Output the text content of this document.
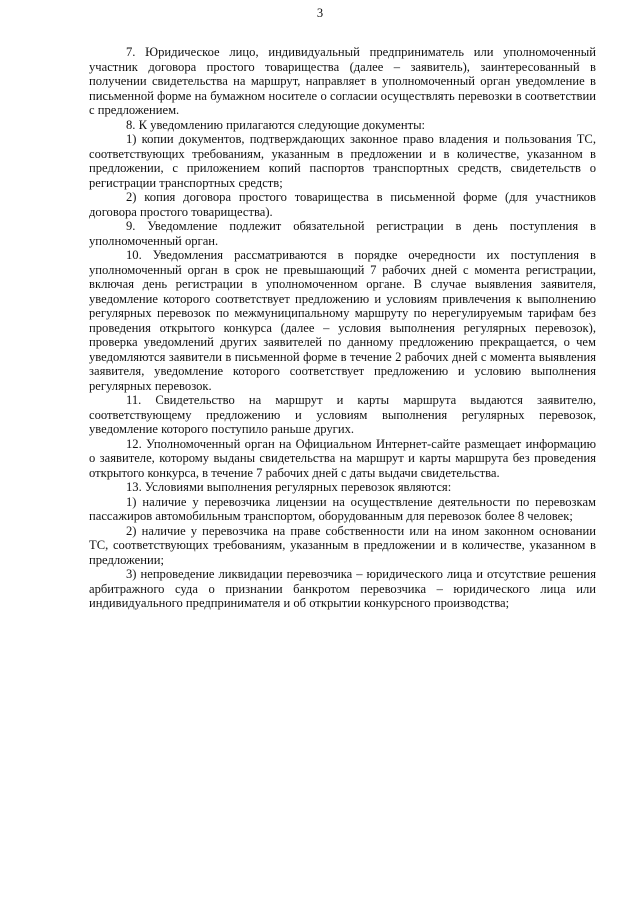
3

7. Юридическое лицо, индивидуальный предприниматель или уполномоченный участник договора простого товарищества (далее – заявитель), заинтересованный в получении свидетельства на маршрут, направляет в уполномоченный орган уведомление в письменной форме на бумажном носителе о согласии осуществлять перевозки в соответствии с предложением.

8. К уведомлению прилагаются следующие документы:

1) копии документов, подтверждающих законное право владения и пользования ТС, соответствующих требованиям, указанным в предложении и в количестве, указанном в предложении, с приложением копий паспортов транспортных средств, свидетельств о регистрации транспортных средств;

2) копия договора простого товарищества в письменной форме (для участников договора простого товарищества).

9. Уведомление подлежит обязательной регистрации в день поступления в уполномоченный орган.

10. Уведомления рассматриваются в порядке очередности их поступления в уполномоченный орган в срок не превышающий 7 рабочих дней с момента регистрации, включая день регистрации в уполномоченном органе. В случае выявления заявителя, уведомление которого соответствует предложению и условиям привлечения к выполнению регулярных перевозок по межмуниципальному маршруту по нерегулируемым тарифам без проведения открытого конкурса (далее – условия выполнения регулярных перевозок), проверка уведомлений других заявителей по данному предложению прекращается, о чем уведомляются заявители в письменной форме в течение 2 рабочих дней с момента выявления заявителя, уведомление которого соответствует предложению и условию выполнения регулярных перевозок.

11. Свидетельство на маршрут и карты маршрута выдаются заявителю, соответствующему предложению и условиям выполнения регулярных перевозок, уведомление которого поступило раньше других.

12. Уполномоченный орган на Официальном Интернет-сайте размещает информацию о заявителе, которому выданы свидетельства на маршрут и карты маршрута без проведения открытого конкурса, в течение 7 рабочих дней с даты выдачи свидетельства.

13. Условиями выполнения регулярных перевозок являются:

1) наличие у перевозчика лицензии на осуществление деятельности по перевозкам пассажиров автомобильным транспортом, оборудованным для перевозок более 8 человек;

2) наличие у перевозчика на праве собственности или на ином законном основании ТС, соответствующих требованиям, указанным в предложении и в количестве, указанном в предложении;

3) непроведение ликвидации перевозчика – юридического лица и отсутствие решения арбитражного суда о признании банкротом перевозчика – юридического лица или индивидуального предпринимателя и об открытии конкурсного производства;
